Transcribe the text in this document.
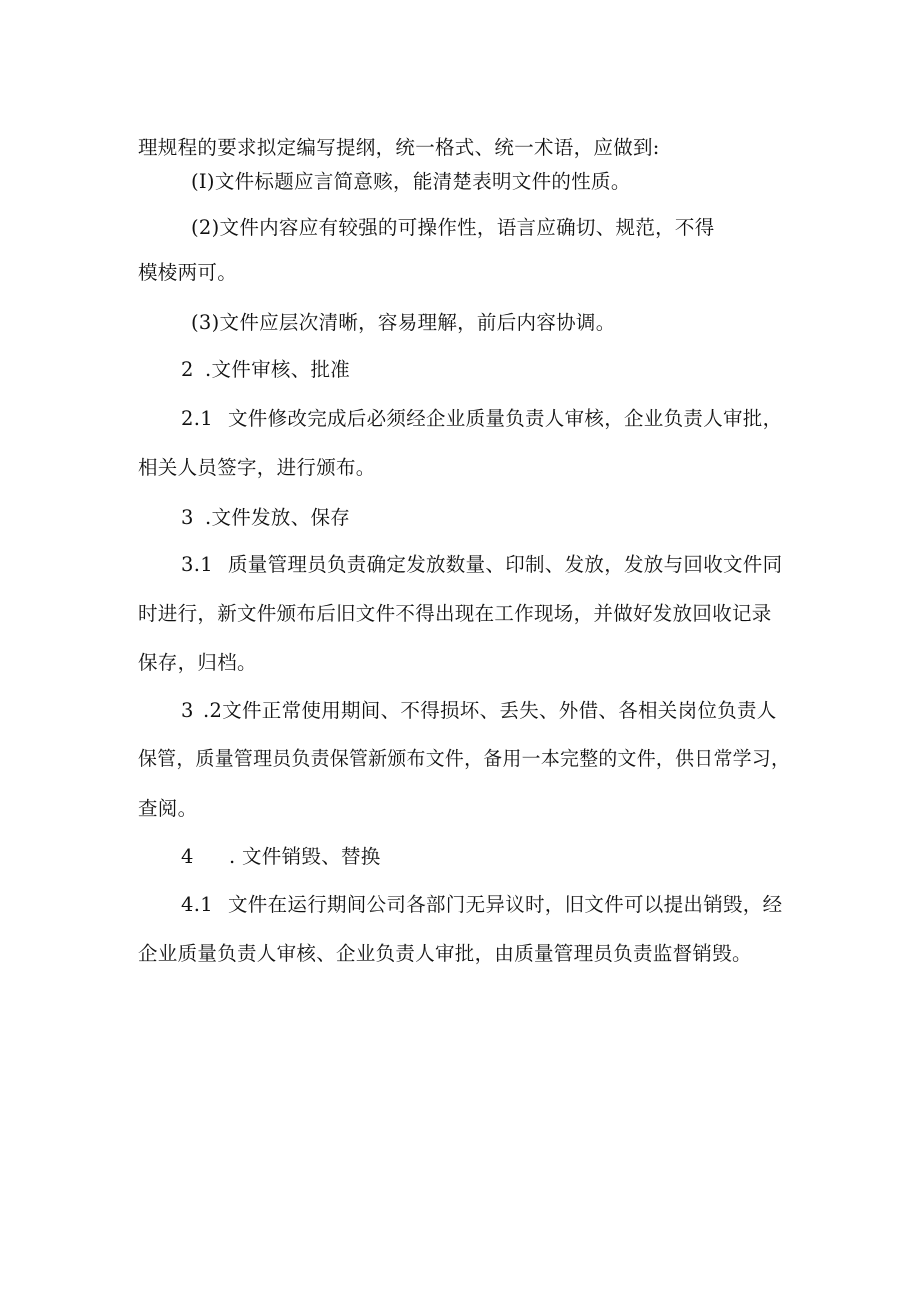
理规程的要求拟定编写提纲，统一格式、统一术语，应做到:
(I)文件标题应言简意赅，能清楚表明文件的性质。
(2)文件内容应有较强的可操作性，语言应确切、规范，不得
模棱两可。
(3)文件应层次清晰，容易理解，前后内容协调。
2 .文件审核、批准
2.1 文件修改完成后必须经企业质量负责人审核，企业负责人审批，
相关人员签字，进行颁布。
3 .文件发放、保存
3.1 质量管理员负责确定发放数量、印制、发放，发放与回收文件同
时进行，新文件颁布后旧文件不得出现在工作现场，并做好发放回收记录
保存，归档。
3 .2文件正常使用期间、不得损坏、丢失、外借、各相关岗位负责人
保管，质量管理员负责保管新颁布文件，备用一本完整的文件，供日常学习，
查阅。
4 . 文件销毁、替换
4.1 文件在运行期间公司各部门无异议时，旧文件可以提出销毁，经
企业质量负责人审核、企业负责人审批，由质量管理员负责监督销毁。
